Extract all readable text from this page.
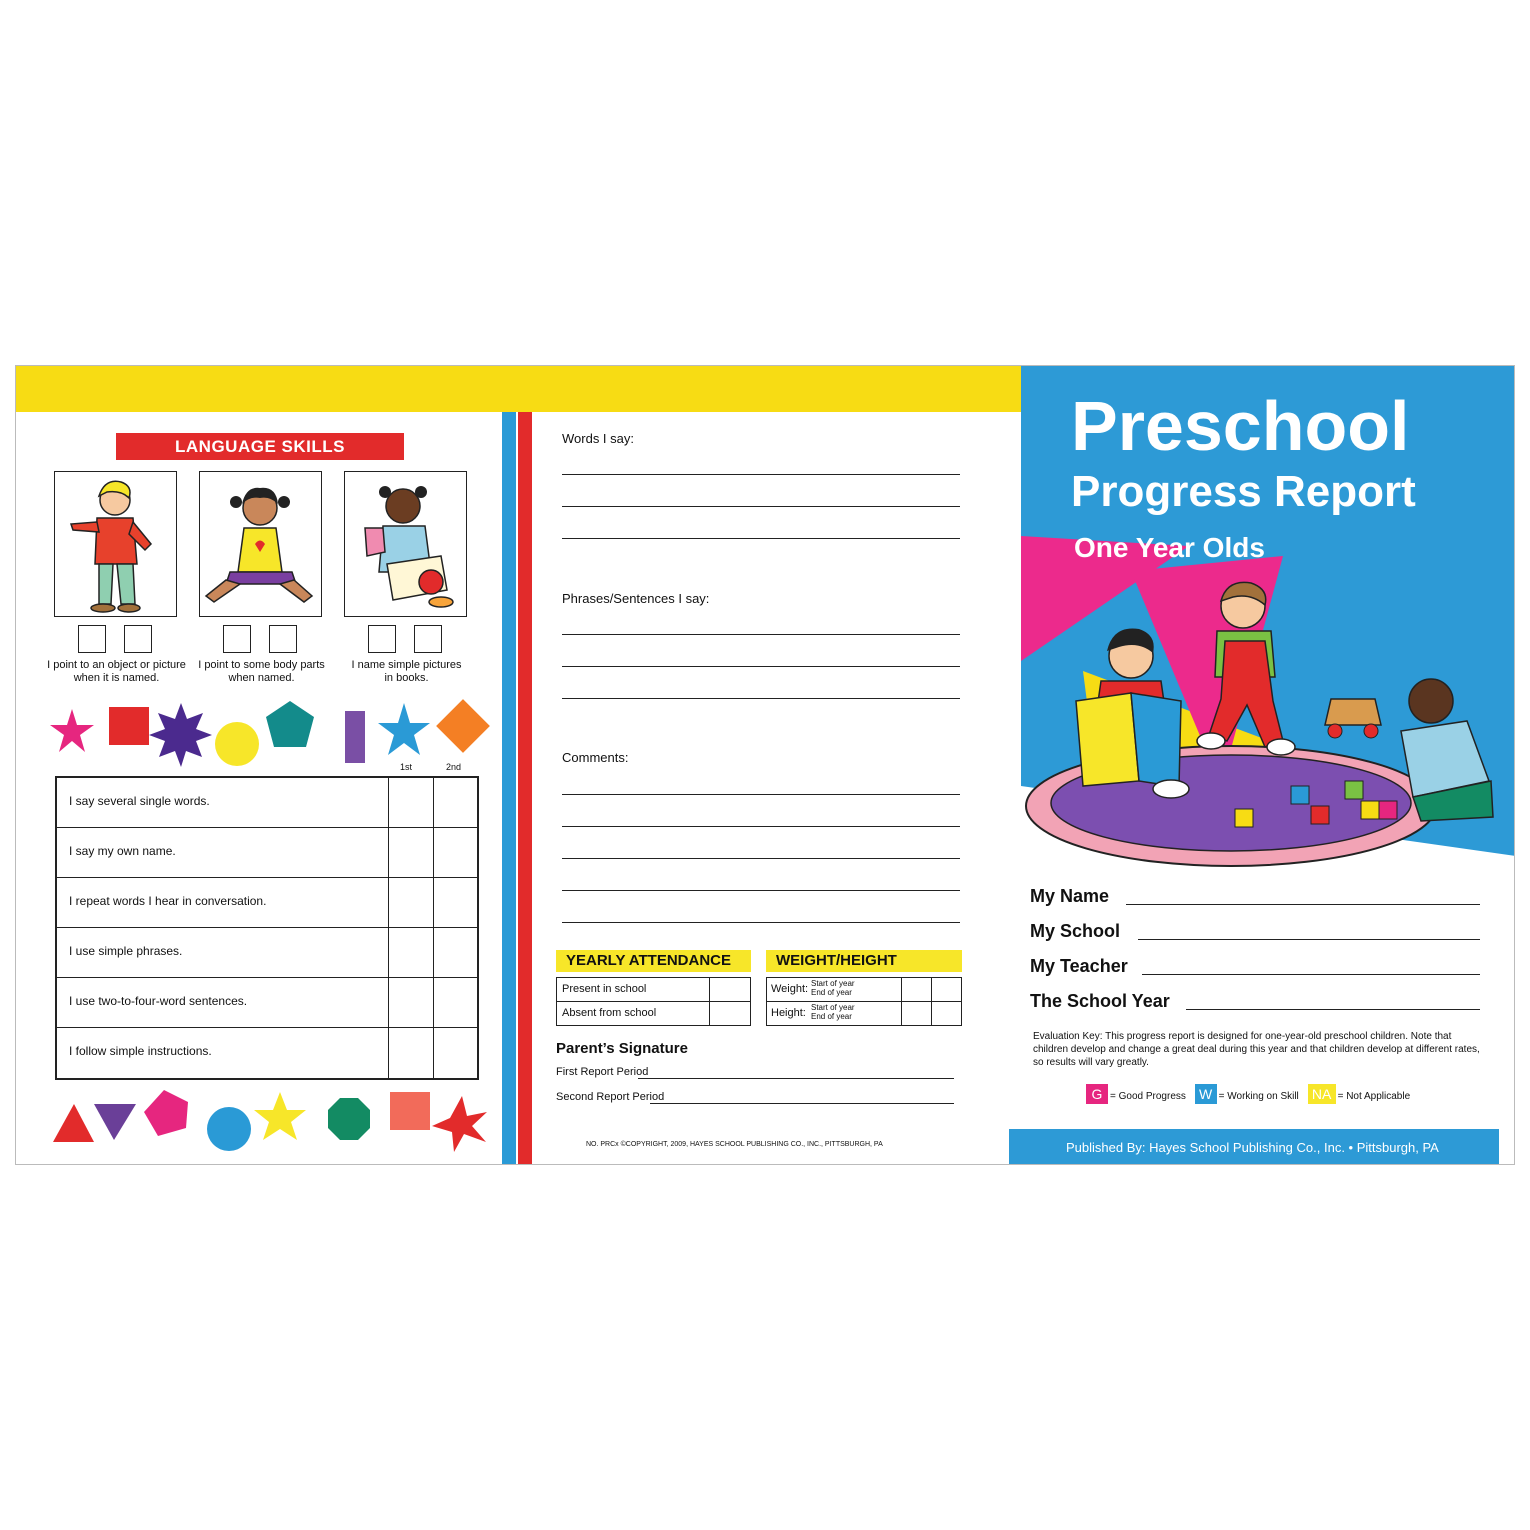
LANGUAGE SKILLS
I point to an object or picture
when it is named.
I point to some body parts
when named.
I name simple pictures
in books.
1st	2nd
I say several single words.
I say my own name.
I repeat words I hear in conversation.
I use simple phrases.
I use two-to-four-word sentences.
I follow simple instructions.
Words I say:
Phrases/Sentences I say:
Comments:
YEARLY ATTENDANCE
Present in school
Absent from school
WEIGHT/HEIGHT
Weight: Start of year
End of year
Height: Start of year
End of year
Parent’s Signature
First Report Period
Second Report Period
NO. PRCx ©COPYRIGHT, 2009, HAYES SCHOOL PUBLISHING CO., INC., PITTSBURGH, PA
Preschool
Progress Report
One Year Olds
My Name
My School
My Teacher
The School Year
Evaluation Key: This progress report is designed for one-year-old preschool children. Note that children develop and change a great deal during this year and that children develop at different rates, so results will vary greatly.
G = Good Progress W = Working on Skill NA = Not Applicable
Published By: Hayes School Publishing Co., Inc. • Pittsburgh, PA
